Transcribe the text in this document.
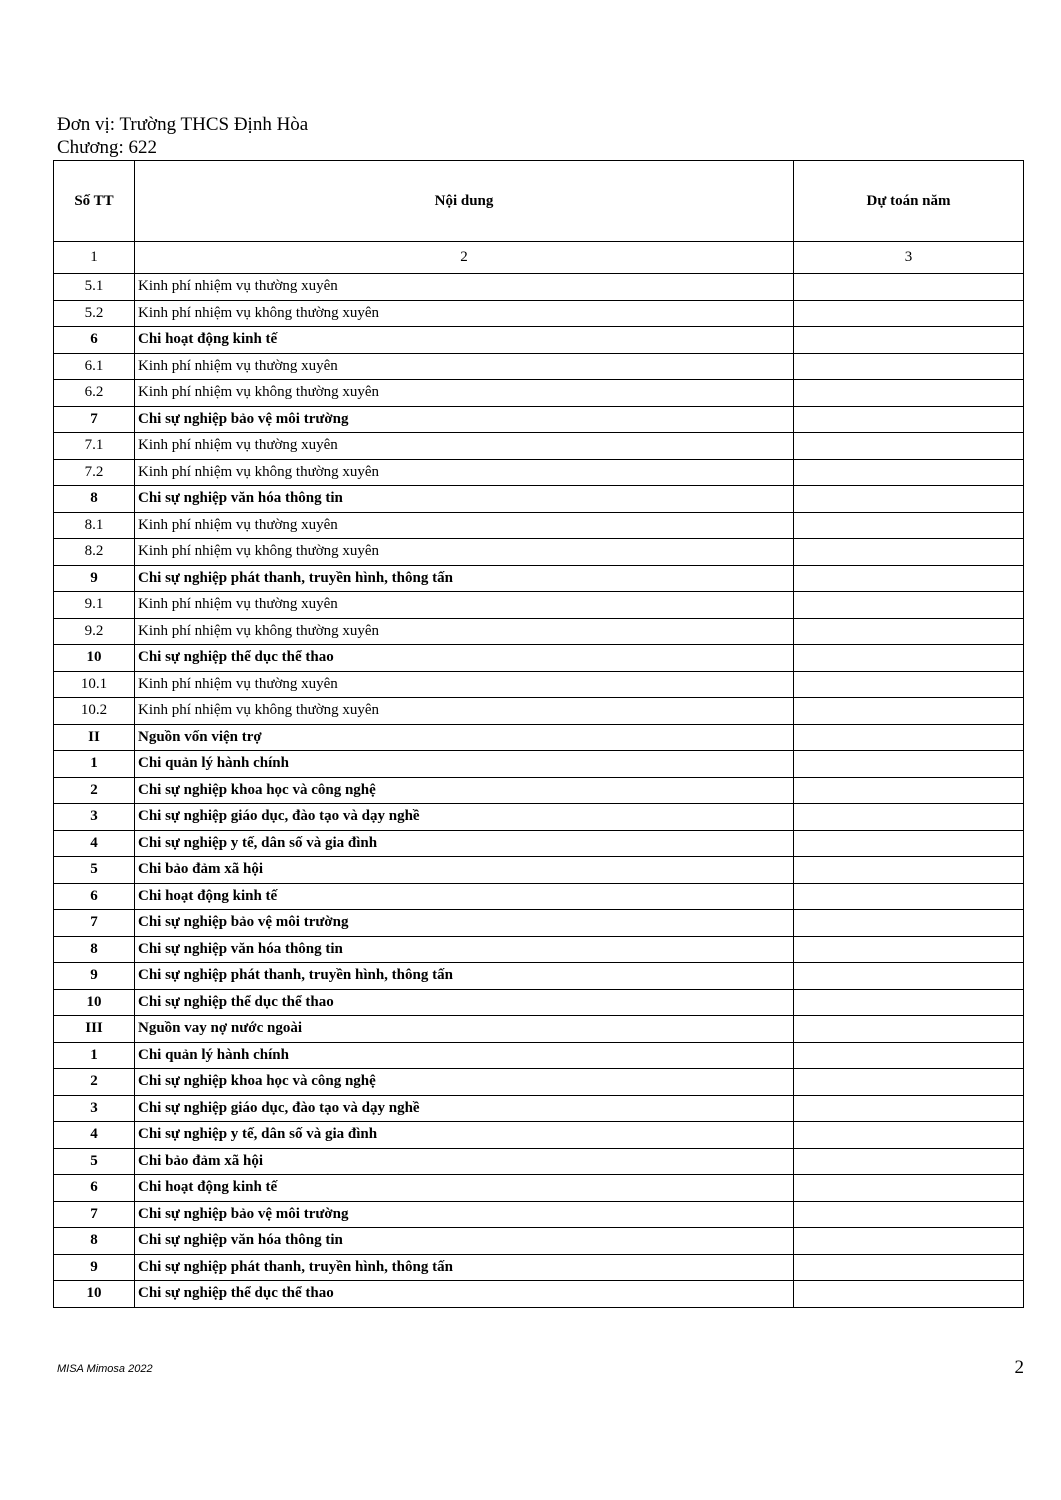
Đơn vị: Trường THCS Định Hòa
Chương: 622
Số TT	Nội dung	Dự toán năm
1	2	3
5.1	Kinh phí nhiệm vụ thường xuyên	
5.2	Kinh phí nhiệm vụ không thường xuyên	
6	Chi hoạt động kinh tế	
6.1	Kinh phí nhiệm vụ thường xuyên	
6.2	Kinh phí nhiệm vụ không thường xuyên	
7	Chi sự nghiệp bảo vệ môi trường	
7.1	Kinh phí nhiệm vụ thường xuyên	
7.2	Kinh phí nhiệm vụ không thường xuyên	
8	Chi sự nghiệp văn hóa thông tin	
8.1	Kinh phí nhiệm vụ thường xuyên	
8.2	Kinh phí nhiệm vụ không thường xuyên	
9	Chi sự nghiệp phát thanh, truyền hình, thông tấn	
9.1	Kinh phí nhiệm vụ thường xuyên	
9.2	Kinh phí nhiệm vụ không thường xuyên	
10	Chi sự nghiệp thể dục thể thao	
10.1	Kinh phí nhiệm vụ thường xuyên	
10.2	Kinh phí nhiệm vụ không thường xuyên	
II	Nguồn vốn viện trợ	
1	Chi quản lý hành chính	
2	Chi sự nghiệp khoa học và công nghệ	
3	Chi sự nghiệp giáo dục, đào tạo và dạy nghề	
4	Chi sự nghiệp y tế, dân số và gia đình	
5	Chi bảo đảm xã hội	
6	Chi hoạt động kinh tế	
7	Chi sự nghiệp bảo vệ môi trường	
8	Chi sự nghiệp văn hóa thông tin	
9	Chi sự nghiệp phát thanh, truyền hình, thông tấn	
10	Chi sự nghiệp thể dục thể thao	
III	Nguồn vay nợ nước ngoài	
1	Chi quản lý hành chính	
2	Chi sự nghiệp khoa học và công nghệ	
3	Chi sự nghiệp giáo dục, đào tạo và dạy nghề	
4	Chi sự nghiệp y tế, dân số và gia đình	
5	Chi bảo đảm xã hội	
6	Chi hoạt động kinh tế	
7	Chi sự nghiệp bảo vệ môi trường	
8	Chi sự nghiệp văn hóa thông tin	
9	Chi sự nghiệp phát thanh, truyền hình, thông tấn	
10	Chi sự nghiệp thể dục thể thao	
MISA Mimosa 2022	2
